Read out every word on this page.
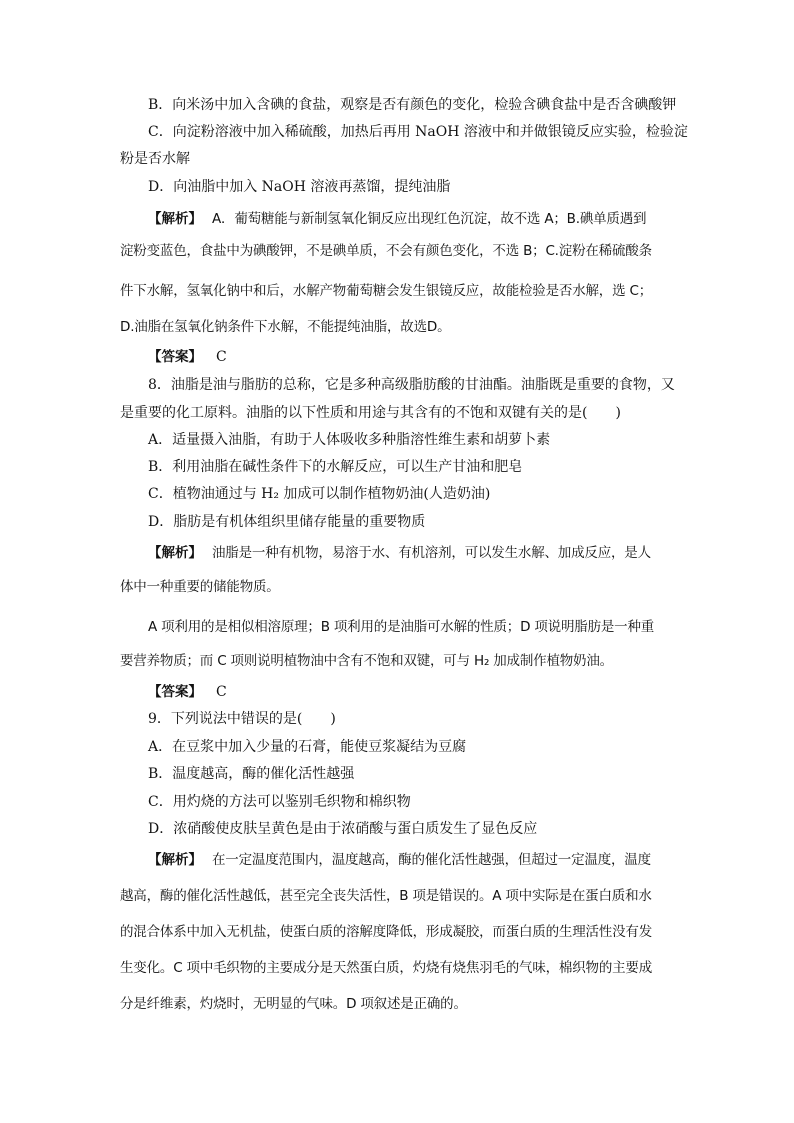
B．向米汤中加入含碘的食盐，观察是否有颜色的变化，检验含碘食盐中是否含碘酸钾
C．向淀粉溶液中加入稀硫酸，加热后再用 NaOH 溶液中和并做银镜反应实验，检验淀
粉是否水解
D．向油脂中加入 NaOH 溶液再蒸馏，提纯油脂
【解析】 A．葡萄糖能与新制氢氧化铜反应出现红色沉淀，故不选 A；B.碘单质遇到
淀粉变蓝色，食盐中为碘酸钾，不是碘单质，不会有颜色变化，不选 B；C.淀粉在稀硫酸条
件下水解，氢氧化钠中和后，水解产物葡萄糖会发生银镜反应，故能检验是否水解，选 C；
D.油脂在氢氧化钠条件下水解，不能提纯油脂，故选D。
【答案】 C
8．油脂是油与脂肪的总称，它是多种高级脂肪酸的甘油酯。油脂既是重要的食物，又
是重要的化工原料。油脂的以下性质和用途与其含有的不饱和双键有关的是(　　)
A．适量摄入油脂，有助于人体吸收多种脂溶性维生素和胡萝卜素
B．利用油脂在碱性条件下的水解反应，可以生产甘油和肥皂
C．植物油通过与 H₂ 加成可以制作植物奶油(人造奶油)
D．脂肪是有机体组织里储存能量的重要物质
【解析】 油脂是一种有机物，易溶于水、有机溶剂，可以发生水解、加成反应，是人
体中一种重要的储能物质。
A 项利用的是相似相溶原理；B 项利用的是油脂可水解的性质；D 项说明脂肪是一种重
要营养物质；而 C 项则说明植物油中含有不饱和双键，可与 H₂ 加成制作植物奶油。
【答案】 C
9．下列说法中错误的是(　　)
A．在豆浆中加入少量的石膏，能使豆浆凝结为豆腐
B．温度越高，酶的催化活性越强
C．用灼烧的方法可以鉴别毛织物和棉织物
D．浓硝酸使皮肤呈黄色是由于浓硝酸与蛋白质发生了显色反应
【解析】 在一定温度范围内，温度越高，酶的催化活性越强，但超过一定温度，温度
越高，酶的催化活性越低，甚至完全丧失活性，B 项是错误的。A 项中实际是在蛋白质和水
的混合体系中加入无机盐，使蛋白质的溶解度降低，形成凝胶，而蛋白质的生理活性没有发
生变化。C 项中毛织物的主要成分是天然蛋白质，灼烧有烧焦羽毛的气味，棉织物的主要成
分是纤维素，灼烧时，无明显的气味。D 项叙述是正确的。
